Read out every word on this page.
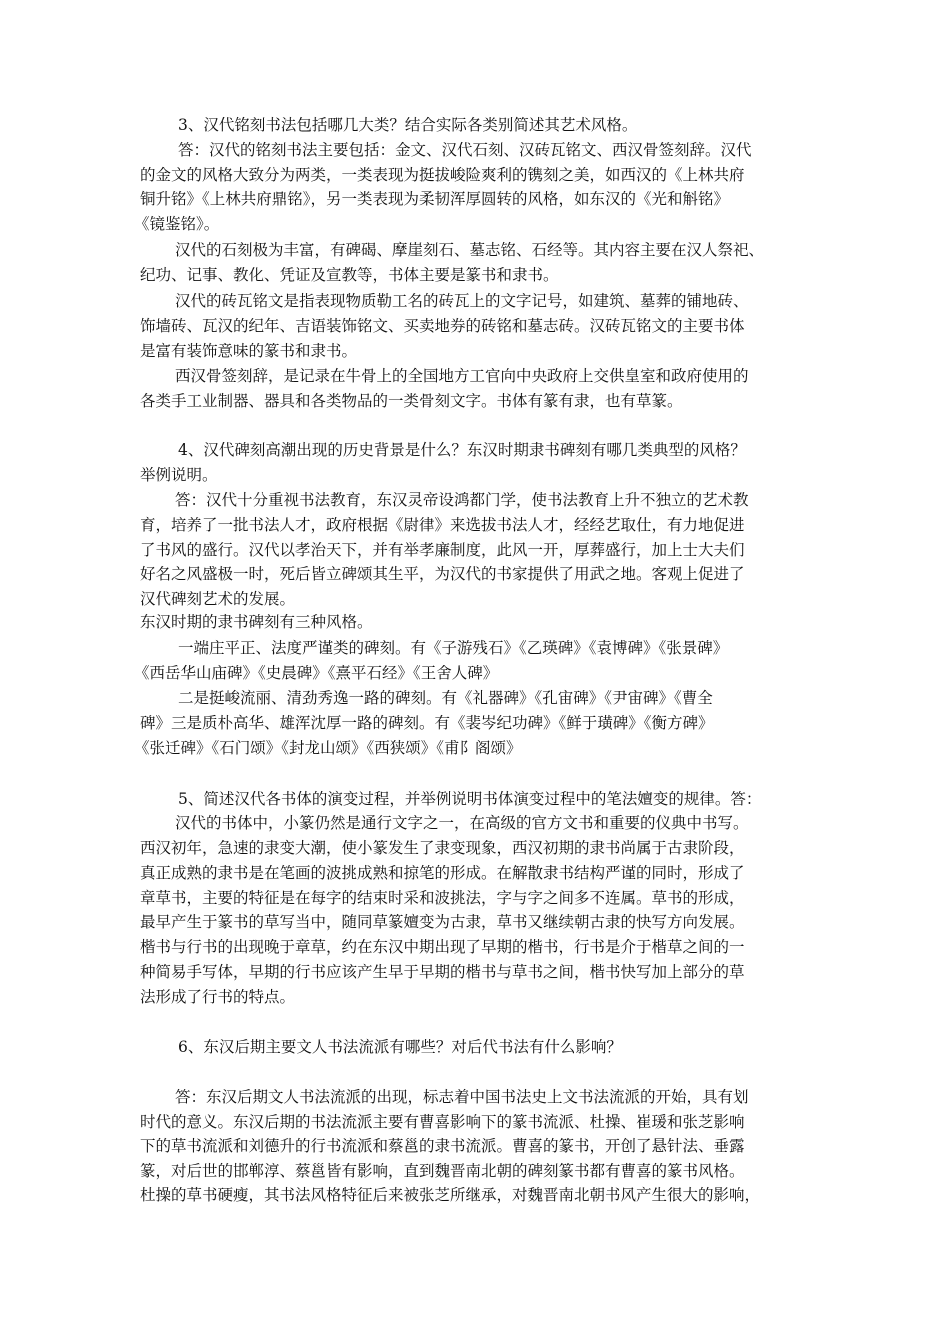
3、汉代铭刻书法包括哪几大类？结合实际各类别简述其艺术风格。
答：汉代的铭刻书法主要包括：金文、汉代石刻、汉砖瓦铭文、西汉骨签刻辞。汉代
的金文的风格大致分为两类，一类表现为挺拔峻险爽利的镌刻之美，如西汉的《上林共府
铜升铭》《上林共府鼎铭》，另一类表现为柔韧浑厚圆转的风格，如东汉的《光和斛铭》
《镜鉴铭》。
汉代的石刻极为丰富，有碑碣、摩崖刻石、墓志铭、石经等。其内容主要在汉人祭祀、
纪功、记事、教化、凭证及宣教等，书体主要是篆书和隶书。
汉代的砖瓦铭文是指表现物质勒工名的砖瓦上的文字记号，如建筑、墓葬的铺地砖、
饰墙砖、瓦汉的纪年、吉语装饰铭文、买卖地券的砖铭和墓志砖。汉砖瓦铭文的主要书体
是富有装饰意味的篆书和隶书。
西汉骨签刻辞，是记录在牛骨上的全国地方工官向中央政府上交供皇室和政府使用的
各类手工业制器、器具和各类物品的一类骨刻文字。书体有篆有隶，也有草篆。
4、汉代碑刻高潮出现的历史背景是什么？东汉时期隶书碑刻有哪几类典型的风格？
举例说明。
答：汉代十分重视书法教育，东汉灵帝设鸿都门学，使书法教育上升不独立的艺术教
育，培养了一批书法人才，政府根据《尉律》来选拔书法人才，经经艺取仕，有力地促进
了书风的盛行。汉代以孝治天下，并有举孝廉制度，此风一开，厚葬盛行，加上士大夫们
好名之风盛极一时，死后皆立碑颂其生平，为汉代的书家提供了用武之地。客观上促进了
汉代碑刻艺术的发展。
东汉时期的隶书碑刻有三种风格。
一端庄平正、法度严谨类的碑刻。有《子游残石》《乙瑛碑》《袁博碑》《张景碑》
《西岳华山庙碑》《史晨碑》《熹平石经》《王舍人碑》
二是挺峻流丽、清劲秀逸一路的碑刻。有《礼器碑》《孔宙碑》《尹宙碑》《曹全
碑》三是质朴高华、雄浑沈厚一路的碑刻。有《裴岑纪功碑》《鲜于璜碑》《衡方碑》
《张迁碑》《石门颂》《封龙山颂》《西狭颂》《甫阝阁颂》
5、简述汉代各书体的演变过程，并举例说明书体演变过程中的笔法嬗变的规律。答：
汉代的书体中，小篆仍然是通行文字之一，在高级的官方文书和重要的仪典中书写。
西汉初年，急速的隶变大潮，使小篆发生了隶变现象，西汉初期的隶书尚属于古隶阶段，
真正成熟的隶书是在笔画的波挑成熟和掠笔的形成。在解散隶书结构严谨的同时，形成了
章草书，主要的特征是在每字的结束时采和波挑法，字与字之间多不连属。草书的形成，
最早产生于篆书的草写当中，随同草篆嬗变为古隶，草书又继续朝古隶的快写方向发展。
楷书与行书的出现晚于章草，约在东汉中期出现了早期的楷书，行书是介于楷草之间的一
种简易手写体，早期的行书应该产生早于早期的楷书与草书之间，楷书快写加上部分的草
法形成了行书的特点。
6、东汉后期主要文人书法流派有哪些？对后代书法有什么影响？
答：东汉后期文人书法流派的出现，标志着中国书法史上文书法流派的开始，具有划
时代的意义。东汉后期的书法流派主要有曹喜影响下的篆书流派、杜操、崔瑗和张芝影响
下的草书流派和刘德升的行书流派和蔡邕的隶书流派。曹喜的篆书，开创了悬针法、垂露
篆，对后世的邯郸淳、蔡邕皆有影响，直到魏晋南北朝的碑刻篆书都有曹喜的篆书风格。
杜操的草书硬瘦，其书法风格特征后来被张芝所继承，对魏晋南北朝书风产生很大的影响，
